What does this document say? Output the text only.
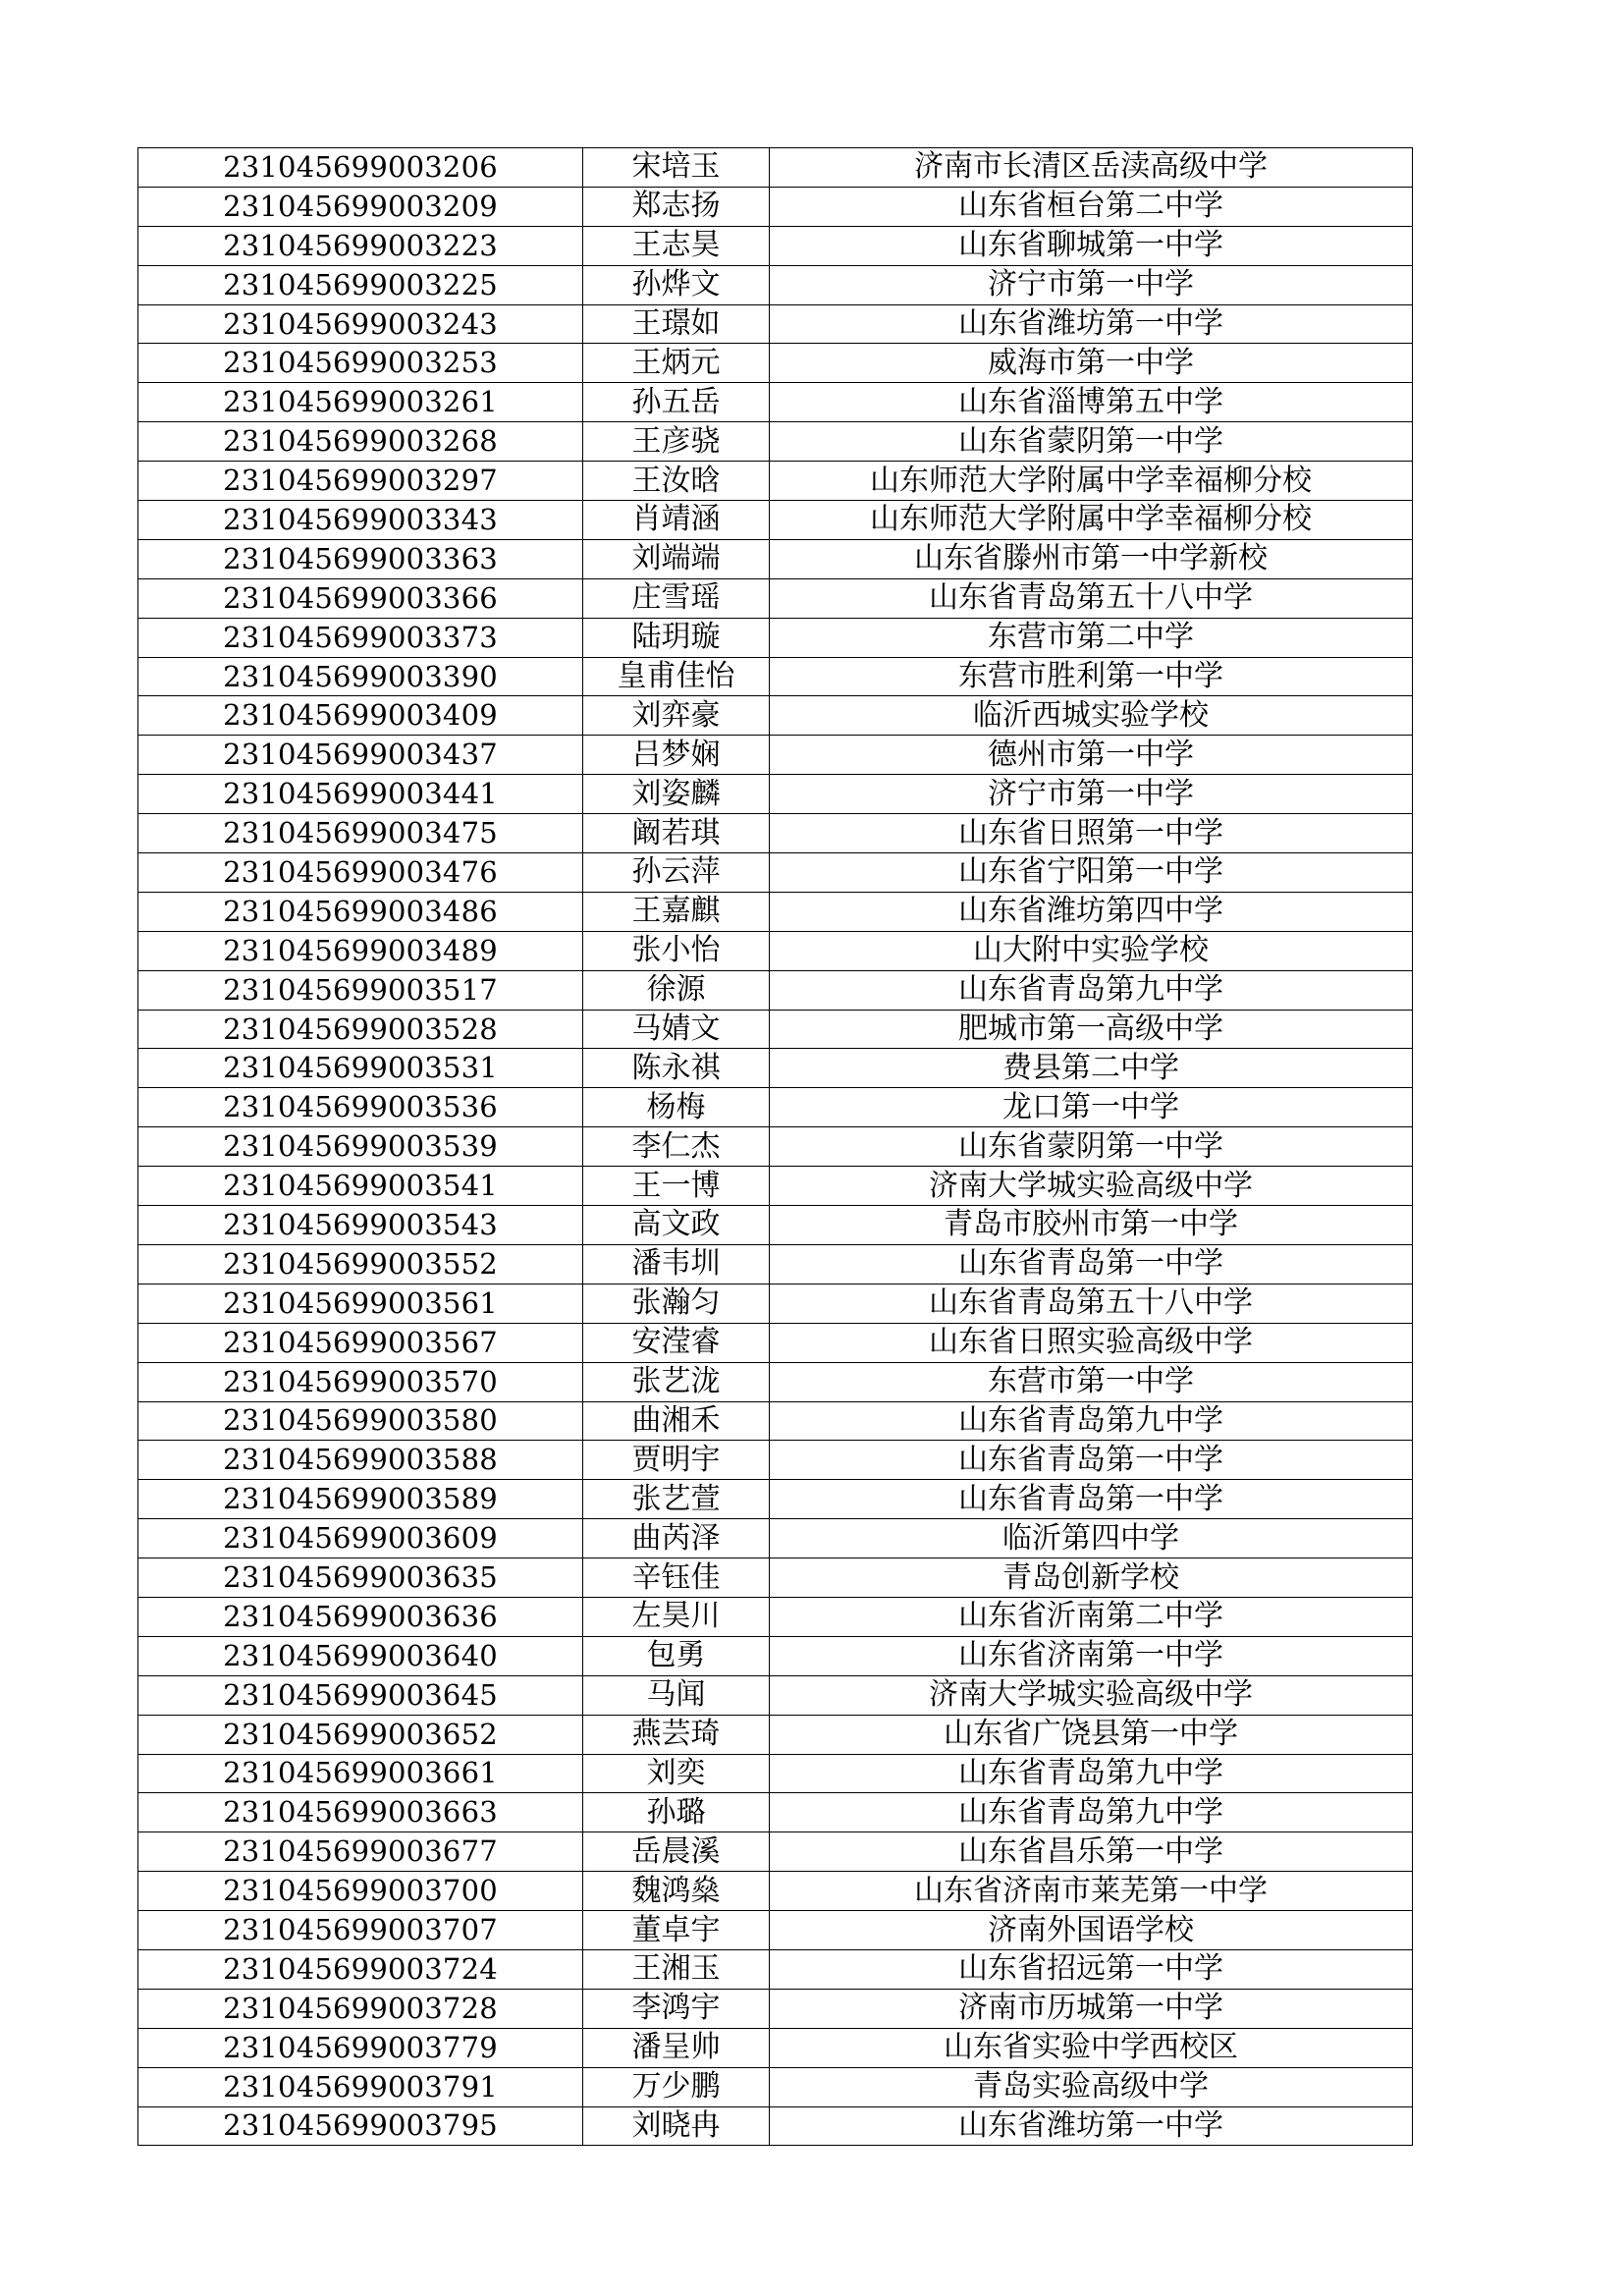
231045699003206	宋培玉	济南市长清区岳渎高级中学
231045699003209	郑志扬	山东省桓台第二中学
231045699003223	王志昊	山东省聊城第一中学
231045699003225	孙烨文	济宁市第一中学
231045699003243	王璟如	山东省潍坊第一中学
231045699003253	王炳元	威海市第一中学
231045699003261	孙五岳	山东省淄博第五中学
231045699003268	王彦骁	山东省蒙阴第一中学
231045699003297	王汝晗	山东师范大学附属中学幸福柳分校
231045699003343	肖靖涵	山东师范大学附属中学幸福柳分校
231045699003363	刘端端	山东省滕州市第一中学新校
231045699003366	庄雪瑶	山东省青岛第五十八中学
231045699003373	陆玥璇	东营市第二中学
231045699003390	皇甫佳怡	东营市胜利第一中学
231045699003409	刘弈豪	临沂西城实验学校
231045699003437	吕梦娴	德州市第一中学
231045699003441	刘姿麟	济宁市第一中学
231045699003475	阚若琪	山东省日照第一中学
231045699003476	孙云萍	山东省宁阳第一中学
231045699003486	王嘉麒	山东省潍坊第四中学
231045699003489	张小怡	山大附中实验学校
231045699003517	徐源	山东省青岛第九中学
231045699003528	马婧文	肥城市第一高级中学
231045699003531	陈永祺	费县第二中学
231045699003536	杨梅	龙口第一中学
231045699003539	李仁杰	山东省蒙阴第一中学
231045699003541	王一博	济南大学城实验高级中学
231045699003543	高文政	青岛市胶州市第一中学
231045699003552	潘韦圳	山东省青岛第一中学
231045699003561	张瀚匀	山东省青岛第五十八中学
231045699003567	安滢睿	山东省日照实验高级中学
231045699003570	张艺泷	东营市第一中学
231045699003580	曲湘禾	山东省青岛第九中学
231045699003588	贾明宇	山东省青岛第一中学
231045699003589	张艺萱	山东省青岛第一中学
231045699003609	曲芮泽	临沂第四中学
231045699003635	辛钰佳	青岛创新学校
231045699003636	左昊川	山东省沂南第二中学
231045699003640	包勇	山东省济南第一中学
231045699003645	马闻	济南大学城实验高级中学
231045699003652	燕芸琦	山东省广饶县第一中学
231045699003661	刘奕	山东省青岛第九中学
231045699003663	孙璐	山东省青岛第九中学
231045699003677	岳晨溪	山东省昌乐第一中学
231045699003700	魏鸿燊	山东省济南市莱芜第一中学
231045699003707	董卓宇	济南外国语学校
231045699003724	王湘玉	山东省招远第一中学
231045699003728	李鸿宇	济南市历城第一中学
231045699003779	潘呈帅	山东省实验中学西校区
231045699003791	万少鹏	青岛实验高级中学
231045699003795	刘晓冉	山东省潍坊第一中学
